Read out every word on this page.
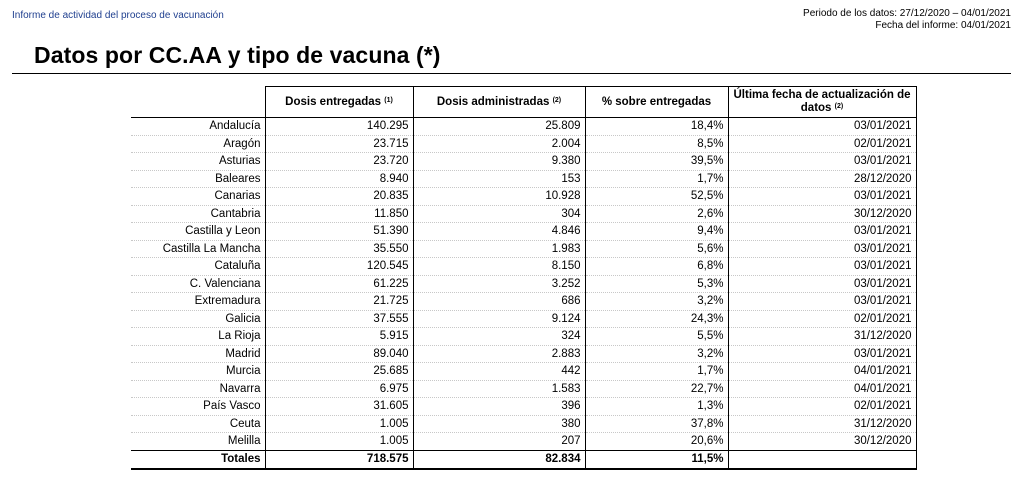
Informe de actividad del proceso de vacunación	Periodo de los datos: 27/12/2020 – 04/01/2021
Fecha del informe: 04/01/2021
Datos por CC.AA y tipo de vacuna (*)
	Dosis entregadas $^{(1)}$	Dosis administradas $^{(2)}$	% sobre entregadas	Última fecha de actualización de datos $^{(2)}$
Andalucía	140.295	25.809	18,4%	03/01/2021
Aragón	23.715	2.004	8,5%	02/01/2021
Asturias	23.720	9.380	39,5%	03/01/2021
Baleares	8.940	153	1,7%	28/12/2020
Canarias	20.835	10.928	52,5%	03/01/2021
Cantabria	11.850	304	2,6%	30/12/2020
Castilla y Leon	51.390	4.846	9,4%	03/01/2021
Castilla La Mancha	35.550	1.983	5,6%	03/01/2021
Cataluña	120.545	8.150	6,8%	03/01/2021
C. Valenciana	61.225	3.252	5,3%	03/01/2021
Extremadura	21.725	686	3,2%	03/01/2021
Galicia	37.555	9.124	24,3%	02/01/2021
La Rioja	5.915	324	5,5%	31/12/2020
Madrid	89.040	2.883	3,2%	03/01/2021
Murcia	25.685	442	1,7%	04/01/2021
Navarra	6.975	1.583	22,7%	04/01/2021
País Vasco	31.605	396	1,3%	02/01/2021
Ceuta	1.005	380	37,8%	31/12/2020
Melilla	1.005	207	20,6%	30/12/2020
Totales	718.575	82.834	11,5%	
